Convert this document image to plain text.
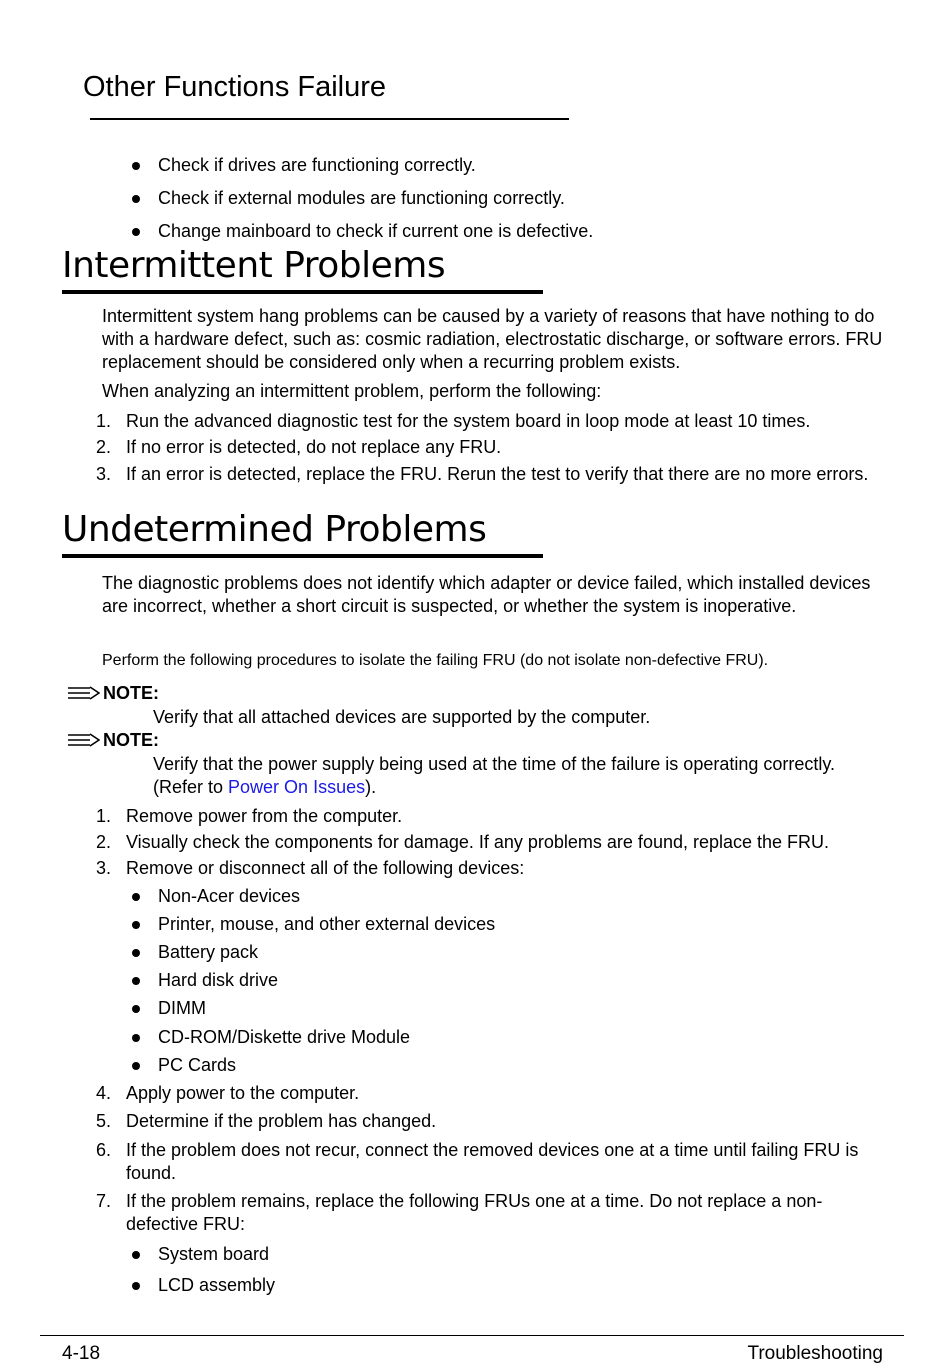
Other Functions Failure
Check if drives are functioning correctly.
Check if external modules are functioning correctly.
Change mainboard to check if current one is defective.
Intermittent Problems

Intermittent system hang problems can be caused by a variety of reasons that have nothing to do with a hardware defect, such as: cosmic radiation, electrostatic discharge, or software errors. FRU replacement should be considered only when a recurring problem exists.

When analyzing an intermittent problem, perform the following:

1. Run the advanced diagnostic test for the system board in loop mode at least 10 times.
2. If no error is detected, do not replace any FRU.
3. If an error is detected, replace the FRU. Rerun the test to verify that there are no more errors.
Undetermined Problems

The diagnostic problems does not identify which adapter or device failed, which installed devices are incorrect, whether a short circuit is suspected, or whether the system is inoperative.

Perform the following procedures to isolate the failing FRU (do not isolate non-defective FRU).

NOTE:

Verify that all attached devices are supported by the computer.

NOTE:

Verify that the power supply being used at the time of the failure is operating correctly.

(Refer to Power On Issues).

1. Remove power from the computer.
2. Visually check the components for damage. If any problems are found, replace the FRU.
3. Remove or disconnect all of the following devices:
Non-Acer devices
Printer, mouse, and other external devices
Battery pack
Hard disk drive
DIMM
CD-ROM/Diskette drive Module
PC Cards
4. Apply power to the computer.
5. Determine if the problem has changed.
6. If the problem does not recur, connect the removed devices one at a time until failing FRU is found.
7. If the problem remains, replace the following FRUs one at a time. Do not replace a non-defective FRU:
System board
LCD assembly
4-18	Troubleshooting
